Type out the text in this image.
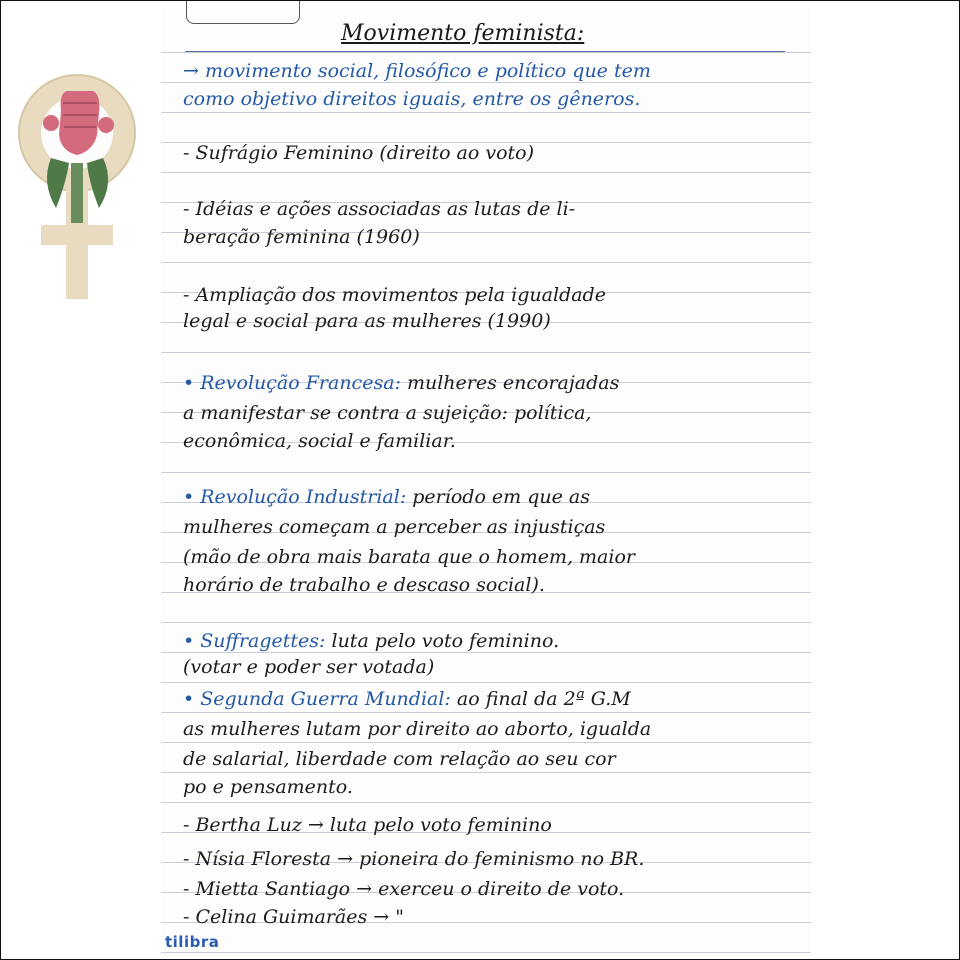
Movimento feminista:
→ movimento social, filosófico e político que tem
como objetivo direitos iguais, entre os gêneros.
- Sufrágio Feminino (direito ao voto)
- Idéias e ações associadas as lutas de li-
beração feminina (1960)
- Ampliação dos movimentos pela igualdade
legal e social para as mulheres (1990)
• Revolução Francesa: mulheres encorajadas
a manifestar se contra a sujeição: política,
econômica, social e familiar.
• Revolução Industrial: período em que as
mulheres começam a perceber as injustiças
(mão de obra mais barata que o homem, maior
horário de trabalho e descaso social).
• Suffragettes: luta pelo voto feminino.
(votar e poder ser votada)
• Segunda Guerra Mundial: ao final da 2ª G.M
as mulheres lutam por direito ao aborto, igualda
de salarial, liberdade com relação ao seu cor
po e pensamento.
- Bertha Luz → luta pelo voto feminino
- Nísia Floresta → pioneira do feminismo no BR.
- Mietta Santiago → exerceu o direito de voto.
- Celina Guimarães → "
tilibra
